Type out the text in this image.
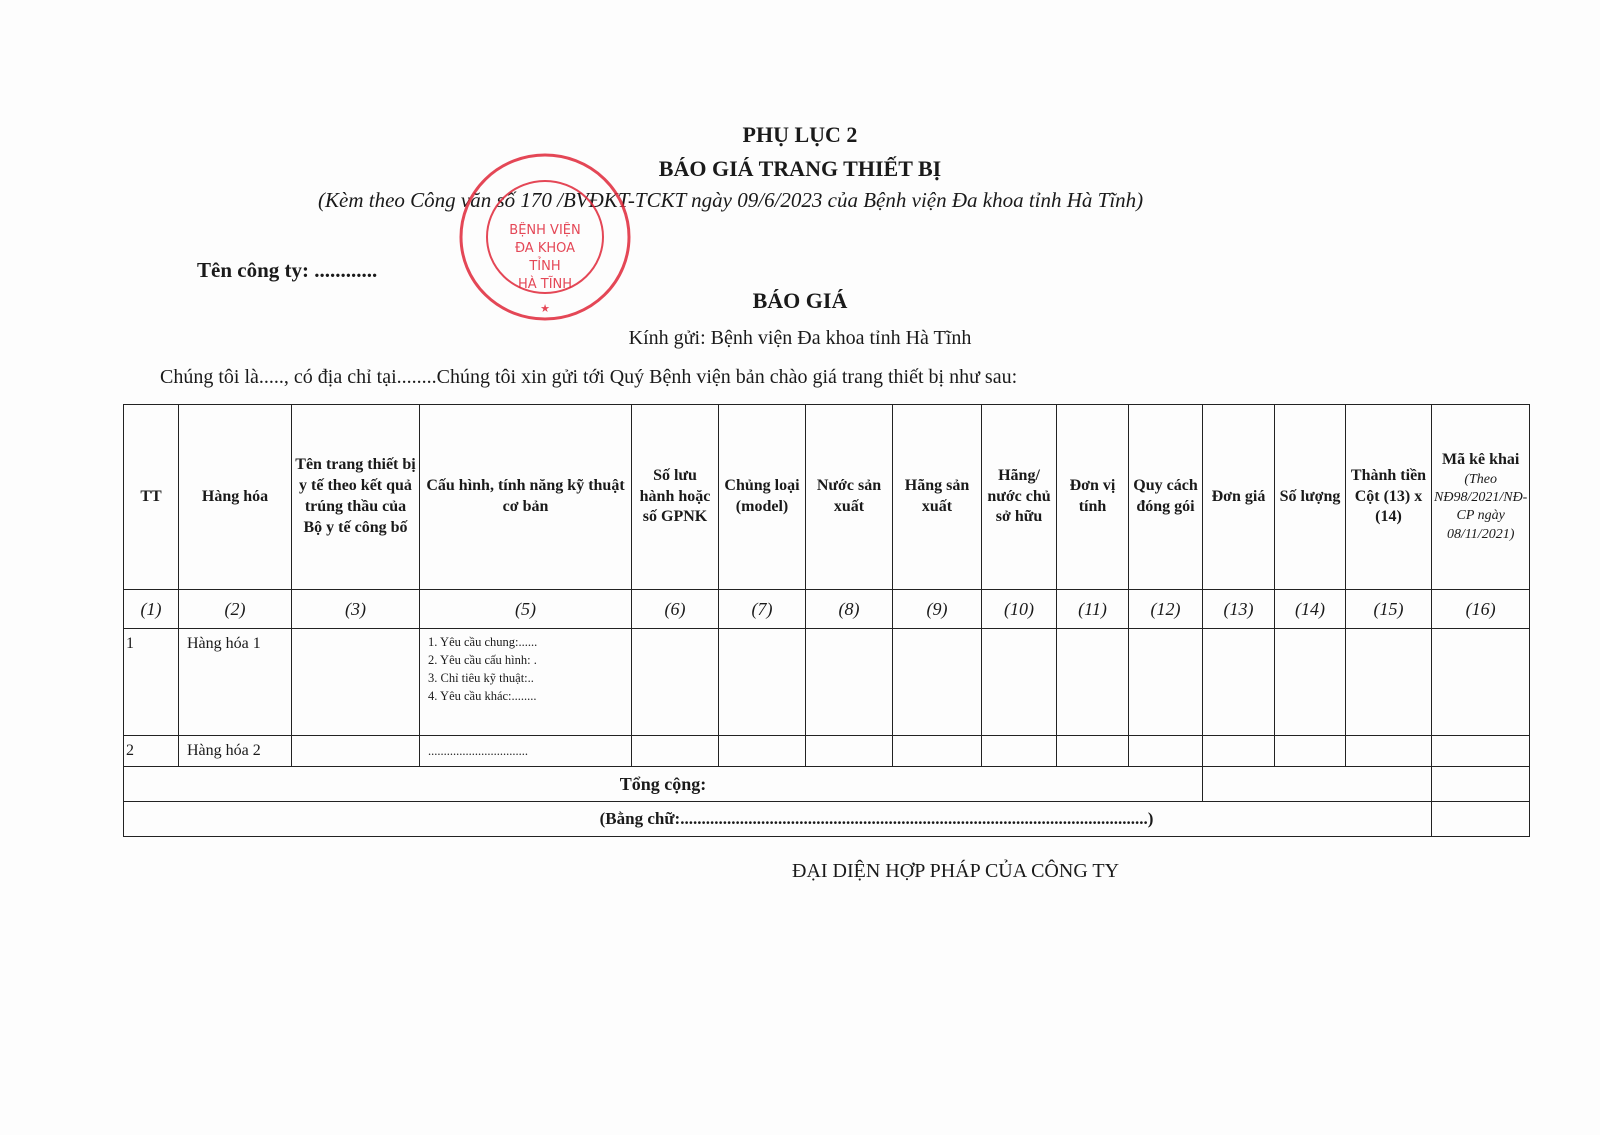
PHỤ LỤC 2
BÁO GIÁ TRANG THIẾT BỊ
(Kèm theo Công văn số 170 /BVĐKT-TCKT ngày 09/6/2023 của Bệnh viện Đa khoa tỉnh Hà Tĩnh)
Tên công ty: ............
BÁO GIÁ
Kính gửi: Bệnh viện Đa khoa tỉnh Hà Tĩnh
Chúng tôi là....., có địa chỉ tại........Chúng tôi xin gửi tới Quý Bệnh viện bản chào giá trang thiết bị như sau:
BỆNH VIỆN
ĐA KHOA
TỈNH
HÀ TĨNH
★
TT	Hàng hóa	Tên trang thiết bị y tế theo kết quả trúng thầu của Bộ y tế công bố	Cấu hình, tính năng kỹ thuật cơ bản	Số lưu hành hoặc số GPNK	Chủng loại (model)	Nước sản xuất	Hãng sản xuất	Hãng/ nước chủ sở hữu	Đơn vị tính	Quy cách đóng gói	Đơn giá	Số lượng	Thành tiền Cột (13) x (14)	Mã kê khai
(Theo NĐ98/2021/NĐ-CP ngày 08/11/2021)

(1)	(2)	(3)	(5)	(6)	(7)	(8)	(9)	(10)	(11)	(12)	(13)	(14)	(15)	(16)
1	Hàng hóa 1		1. Yêu cầu chung:......
2. Yêu cầu cấu hình: .
3. Chỉ tiêu kỹ thuật:..
4. Yêu cầu khác:........											

2	Hàng hóa 2		................................											
Tổng cộng:														
(Bằng chữ:..............................................................................................................)														
ĐẠI DIỆN HỢP PHÁP CỦA CÔNG TY
